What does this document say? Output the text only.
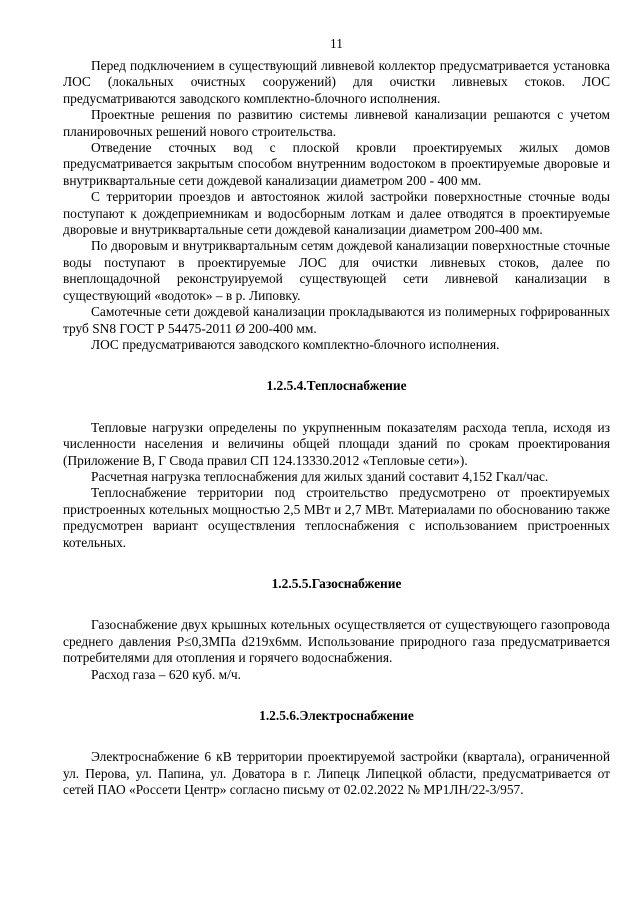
11

Перед подключением в существующий ливневой коллектор предусматривается установка ЛОС (локальных очистных сооружений) для очистки ливневых стоков. ЛОС предусматриваются заводского комплектно-блочного исполнения.

Проектные решения по развитию системы ливневой канализации решаются с учетом планировочных решений нового строительства.

Отведение сточных вод с плоской кровли проектируемых жилых домов предусматривается закрытым способом внутренним водостоком в проектируемые дворовые и внутриквартальные сети дождевой канализации диаметром 200 - 400 мм.

С территории проездов и автостоянок жилой застройки поверхностные сточные воды поступают к дождеприемникам и водосборным лоткам и далее отводятся в проектируемые дворовые и внутриквартальные сети дождевой канализации диаметром 200-400 мм.

По дворовым и внутриквартальным сетям дождевой канализации поверхностные сточные воды поступают в проектируемые ЛОС для очистки ливневых стоков, далее по внеплощадочной реконструируемой существующей сети ливневой канализации в существующий «водоток» – в р. Липовку.

Самотечные сети дождевой канализации прокладываются из полимерных гофрированных труб SN8 ГОСТ Р 54475-2011 Ø 200-400 мм.

ЛОС предусматриваются заводского комплектно-блочного исполнения.

1.2.5.4.Теплоснабжение

Тепловые нагрузки определены по укрупненным показателям расхода тепла, исходя из численности населения и величины общей площади зданий по срокам проектирования (Приложение В, Г Свода правил СП 124.13330.2012 «Тепловые сети»).

Расчетная нагрузка теплоснабжения для жилых зданий составит 4,152 Гкал/час.

Теплоснабжение территории под строительство предусмотрено от проектируемых пристроенных котельных мощностью 2,5 МВт и 2,7 МВт. Материалами по обоснованию также предусмотрен вариант осуществления теплоснабжения с использованием пристроенных котельных.

1.2.5.5.Газоснабжение

Газоснабжение двух крышных котельных осуществляется от существующего газопровода среднего давления P≤0,3МПа d219x6мм. Использование природного газа предусматривается потребителями для отопления и горячего водоснабжения.

Расход газа – 620 куб. м/ч.

1.2.5.6.Электроснабжение

Электроснабжение 6 кВ территории проектируемой застройки (квартала), ограниченной ул. Перова, ул. Папина, ул. Доватора в г. Липецк Липецкой области, предусматривается от сетей ПАО «Россети Центр» согласно письму от 02.02.2022 № МР1ЛН/22-3/957.
